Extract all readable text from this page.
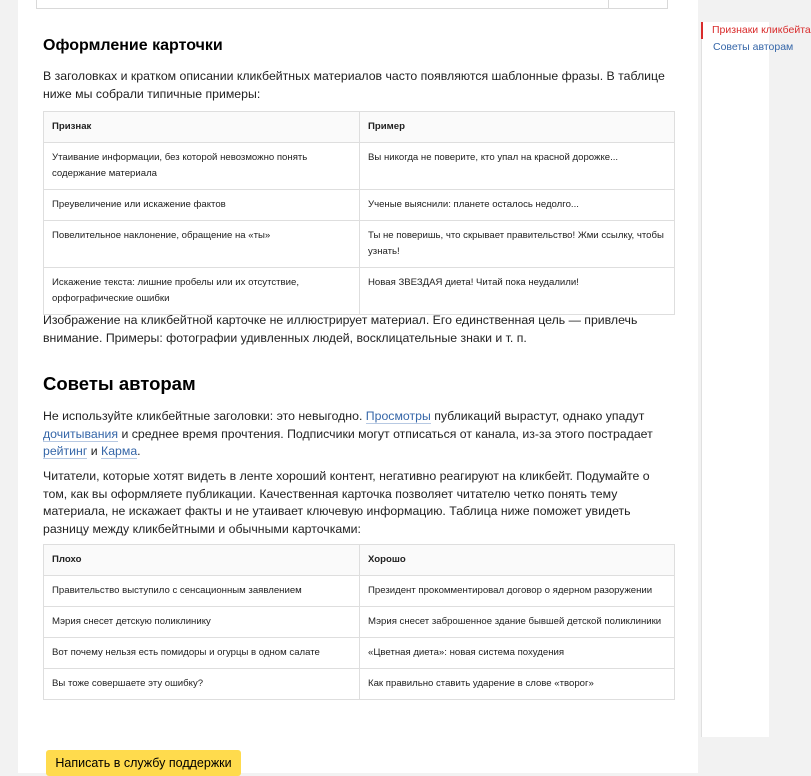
Оформление карточки

В заголовках и кратком описании кликбейтных материалов часто появляются шаблонные фразы. В таблице ниже мы собрали типичные примеры:

Признак	Пример
Утаивание информации, без которой невозможно понять содержание материала	Вы никогда не поверите, кто упал на красной дорожке...
Преувеличение или искажение фактов	Ученые выяснили: планете осталось недолго...
Повелительное наклонение, обращение на «ты»	Ты не поверишь, что скрывает правительство! Жми ссылку, чтобы узнать!
Искажение текста: лишние пробелы или их отсутствие, орфографические ошибки	Новая ЗВЕЗДАЯ диета! Читай пока неудалили!

Изображение на кликбейтной карточке не иллюстрирует материал. Его единственная цель — привлечь внимание. Примеры: фотографии удивленных людей, восклицательные знаки и т. п.

Советы авторам

Не используйте кликбейтные заголовки: это невыгодно. Просмотры публикаций вырастут, однако упадут дочитывания и среднее время прочтения. Подписчики могут отписаться от канала, из-за этого пострадает рейтинг и Карма.

Читатели, которые хотят видеть в ленте хороший контент, негативно реагируют на кликбейт. Подумайте о том, как вы оформляете публикации. Качественная карточка позволяет читателю четко понять тему материала, не искажает факты и не утаивает ключевую информацию. Таблица ниже поможет увидеть разницу между кликбейтными и обычными карточками:

Плохо	Хорошо
Правительство выступило с сенсационным заявлением	Президент прокомментировал договор о ядерном разоружении
Мэрия снесет детскую поликлинику	Мэрия снесет заброшенное здание бывшей детской поликлиники
Вот почему нельзя есть помидоры и огурцы в одном салате	«Цветная диета»: новая система похудения
Вы тоже совершаете эту ошибку?	Как правильно ставить ударение в слове «творог»
Написать в службу поддержки
Признаки кликбейта
Советы авторам
